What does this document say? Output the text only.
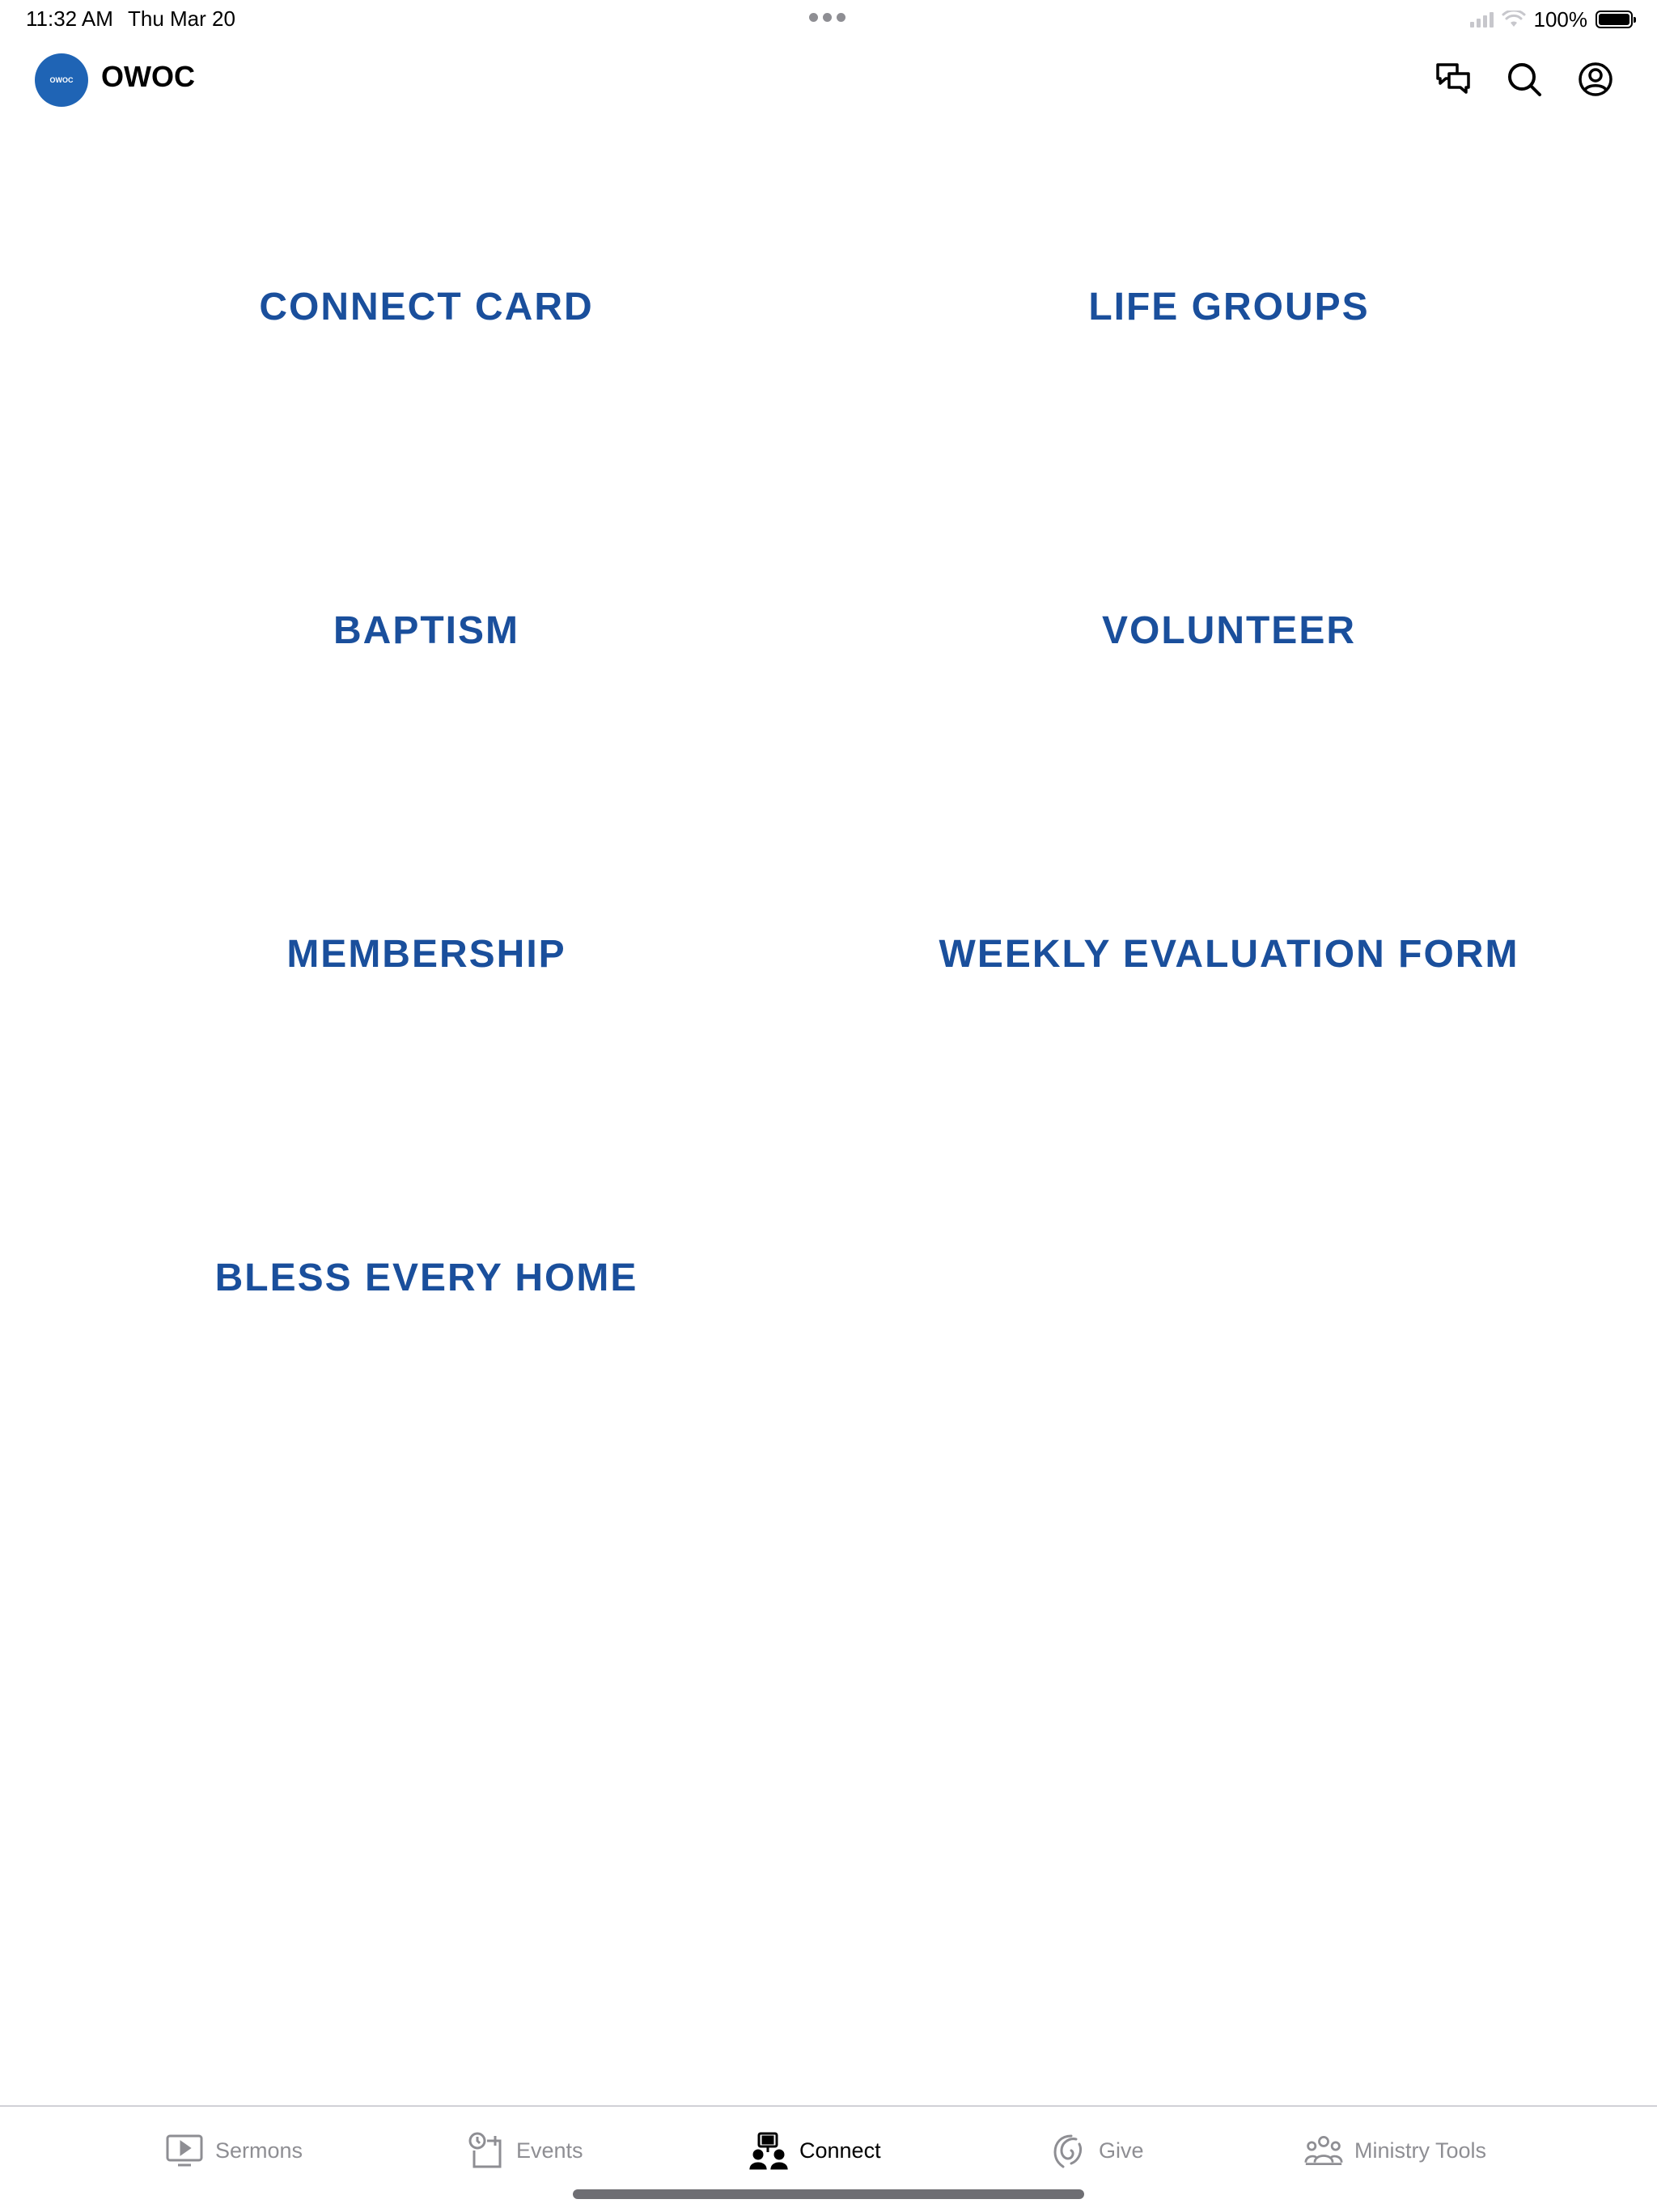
11:32 AM Thu Mar 20	100%
OWOC OWOC
CONNECT CARD	LIFE GROUPS
BAPTISM	VOLUNTEER
MEMBERSHIP	WEEKLY EVALUATION FORM
BLESS EVERY HOME
Sermons	Events	Connect	Give	Ministry Tools
